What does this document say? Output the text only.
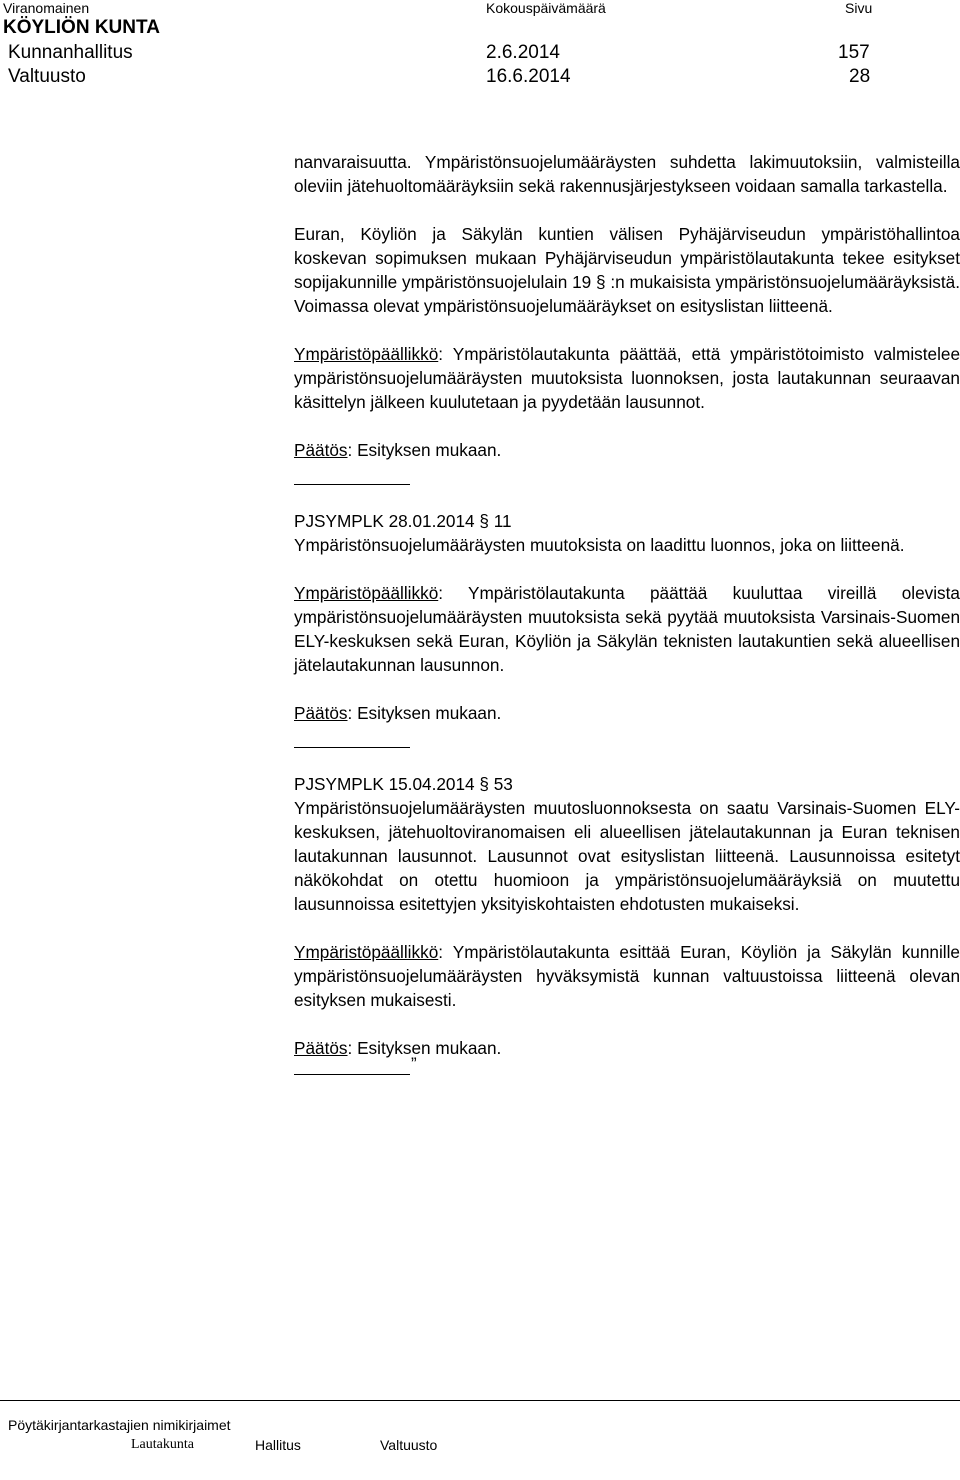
Viranomainen	Kokouspäivämäärä	Sivu
KÖYLIÖN KUNTA
Kunnanhallitus	2.6.2014	157
Valtuusto	16.6.2014	28

nanvaraisuutta. Ympäristönsuojelumääräysten suhdetta lakimuutoksiin, valmisteilla oleviin jätehuoltomääräyksiin sekä rakennusjärjestykseen voidaan samalla tarkastella.

Euran, Köyliön ja Säkylän kuntien välisen Pyhäjärviseudun ympäristöhallintoa koskevan sopimuksen mukaan Pyhäjärviseudun ympäristölautakunta tekee esitykset sopijakunnille ympäristönsuojelulain 19 § :n mukaisista ympäristönsuojelumääräyksistä. Voimassa olevat ympäristönsuojelumääräykset on esityslistan liitteenä.

Ympäristöpäällikkö: Ympäristölautakunta päättää, että ympäristötoimisto valmistelee ympäristönsuojelumääräysten muutoksista luonnoksen, josta lautakunnan seuraavan käsittelyn jälkeen kuulutetaan ja pyydetään lausunnot.

Päätös: Esityksen mukaan.

PJSYMPLK 28.01.2014 § 11

Ympäristönsuojelumääräysten muutoksista on laadittu luonnos, joka on liitteenä.

Ympäristöpäällikkö: Ympäristölautakunta päättää kuuluttaa vireillä olevista ympäristönsuojelumääräysten muutoksista sekä pyytää muutoksista Varsinais-Suomen ELY-keskuksen sekä Euran, Köyliön ja Säkylän teknisten lautakuntien sekä alueellisen jätelautakunnan lausunnon.

Päätös: Esityksen mukaan.

PJSYMPLK 15.04.2014 § 53

Ympäristönsuojelumääräysten muutosluonnoksesta on saatu Varsinais-Suomen ELY-keskuksen, jätehuoltoviranomaisen eli alueellisen jätelautakunnan ja Euran teknisen lautakunnan lausunnot. Lausunnot ovat esityslistan liitteenä. Lausunnoissa esitetyt näkökohdat on otettu huomioon ja ympäristönsuojelumääräyksiä on muutettu lausunnoissa esitettyjen yksityiskohtaisten ehdotusten mukaiseksi.

Ympäristöpäällikkö: Ympäristölautakunta esittää Euran, Köyliön ja Säkylän kunnille ympäristönsuojelumääräysten hyväksymistä kunnan valtuustoissa liitteenä olevan esityksen mukaisesti.

Päätös: Esityksen mukaan.

”
Pöytäkirjantarkastajien nimikirjaimet
Lautakunta	Hallitus	Valtuusto
